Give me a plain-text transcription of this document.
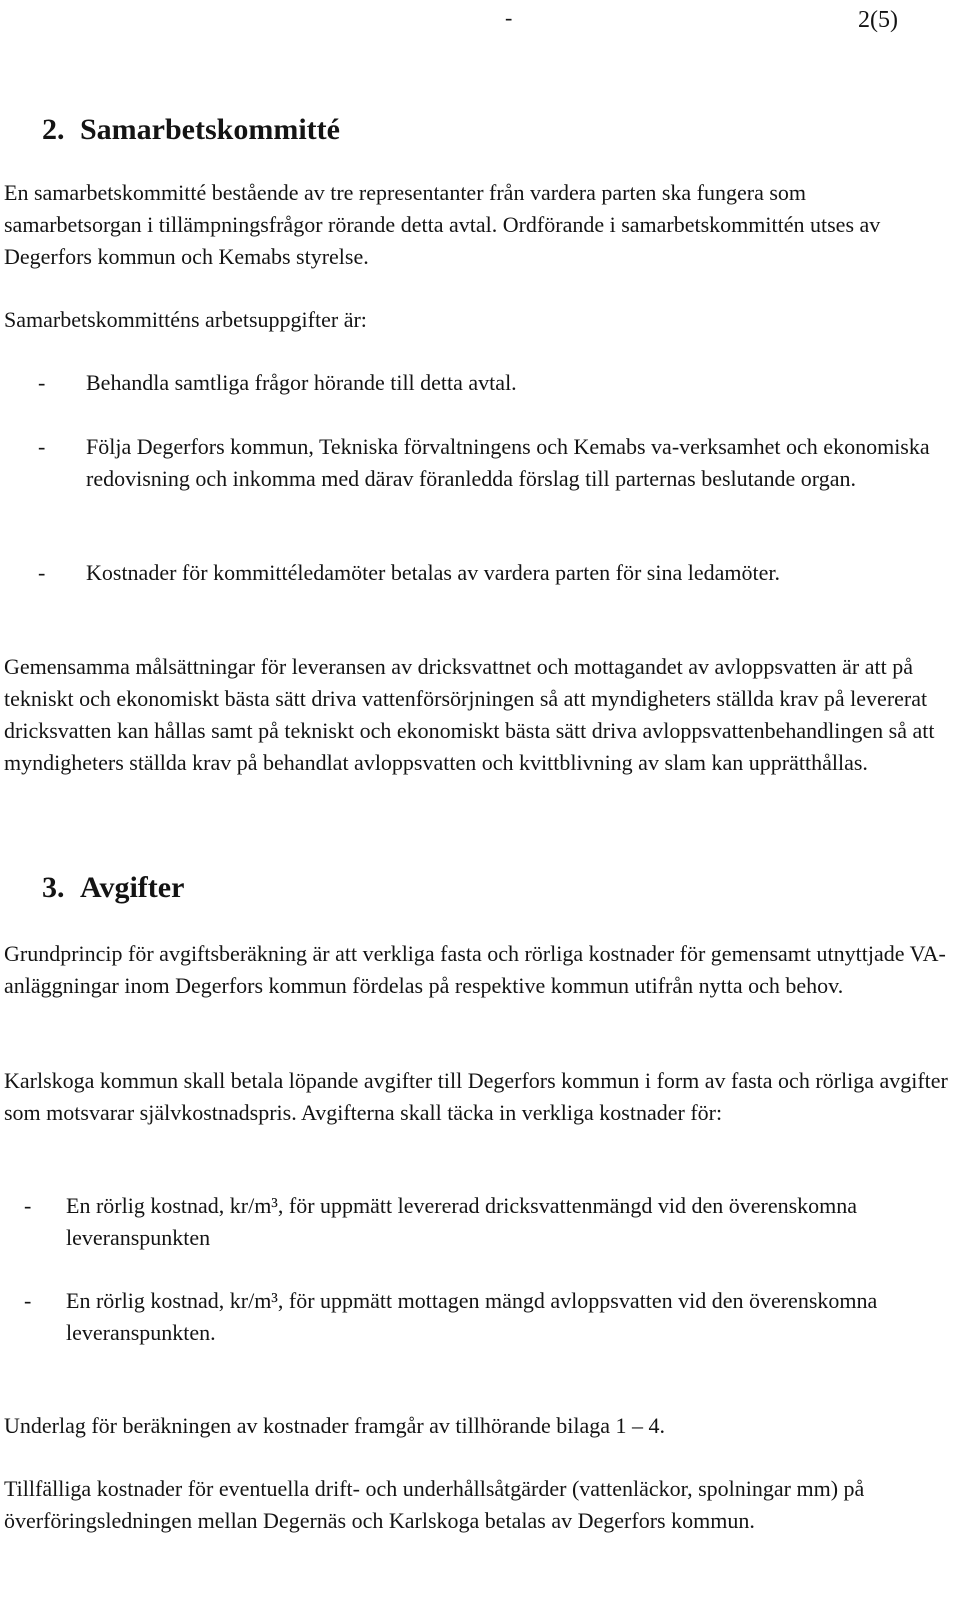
-	2(5)
2. Samarbetskommitté

En samarbetskommitté bestående av tre representanter från vardera parten ska fungera som samarbetsorgan i tillämpningsfrågor rörande detta avtal. Ordförande i samarbetskommittén utses av Degerfors kommun och Kemabs styrelse.

Samarbetskommitténs arbetsuppgifter är:

- Behandla samtliga frågor hörande till detta avtal.
- Följa Degerfors kommun, Tekniska förvaltningens och Kemabs va-verksamhet och ekonomiska redovisning och inkomma med därav föranledda förslag till parternas beslutande organ.
- Kostnader för kommittéledamöter betalas av vardera parten för sina ledamöter.

Gemensamma målsättningar för leveransen av dricksvattnet och mottagandet av avloppsvatten är att på tekniskt och ekonomiskt bästa sätt driva vattenförsörjningen så att myndigheters ställda krav på levererat dricksvatten kan hållas samt på tekniskt och ekonomiskt bästa sätt driva avloppsvattenbehandlingen så att myndigheters ställda krav på behandlat avloppsvatten och kvittblivning av slam kan upprätthållas.

3. Avgifter

Grundprincip för avgiftsberäkning är att verkliga fasta och rörliga kostnader för gemensamt utnyttjade VA-anläggningar inom Degerfors kommun fördelas på respektive kommun utifrån nytta och behov.

Karlskoga kommun skall betala löpande avgifter till Degerfors kommun i form av fasta och rörliga avgifter som motsvarar självkostnadspris. Avgifterna skall täcka in verkliga kostnader för:

- En rörlig kostnad, kr/m³, för uppmätt levererad dricksvattenmängd vid den överenskomna leveranspunkten
- En rörlig kostnad, kr/m³, för uppmätt mottagen mängd avloppsvatten vid den överenskomna leveranspunkten.

Underlag för beräkningen av kostnader framgår av tillhörande bilaga 1 – 4.

Tillfälliga kostnader för eventuella drift- och underhållsåtgärder (vattenläckor, spolningar mm) på överföringsledningen mellan Degernäs och Karlskoga betalas av Degerfors kommun.
